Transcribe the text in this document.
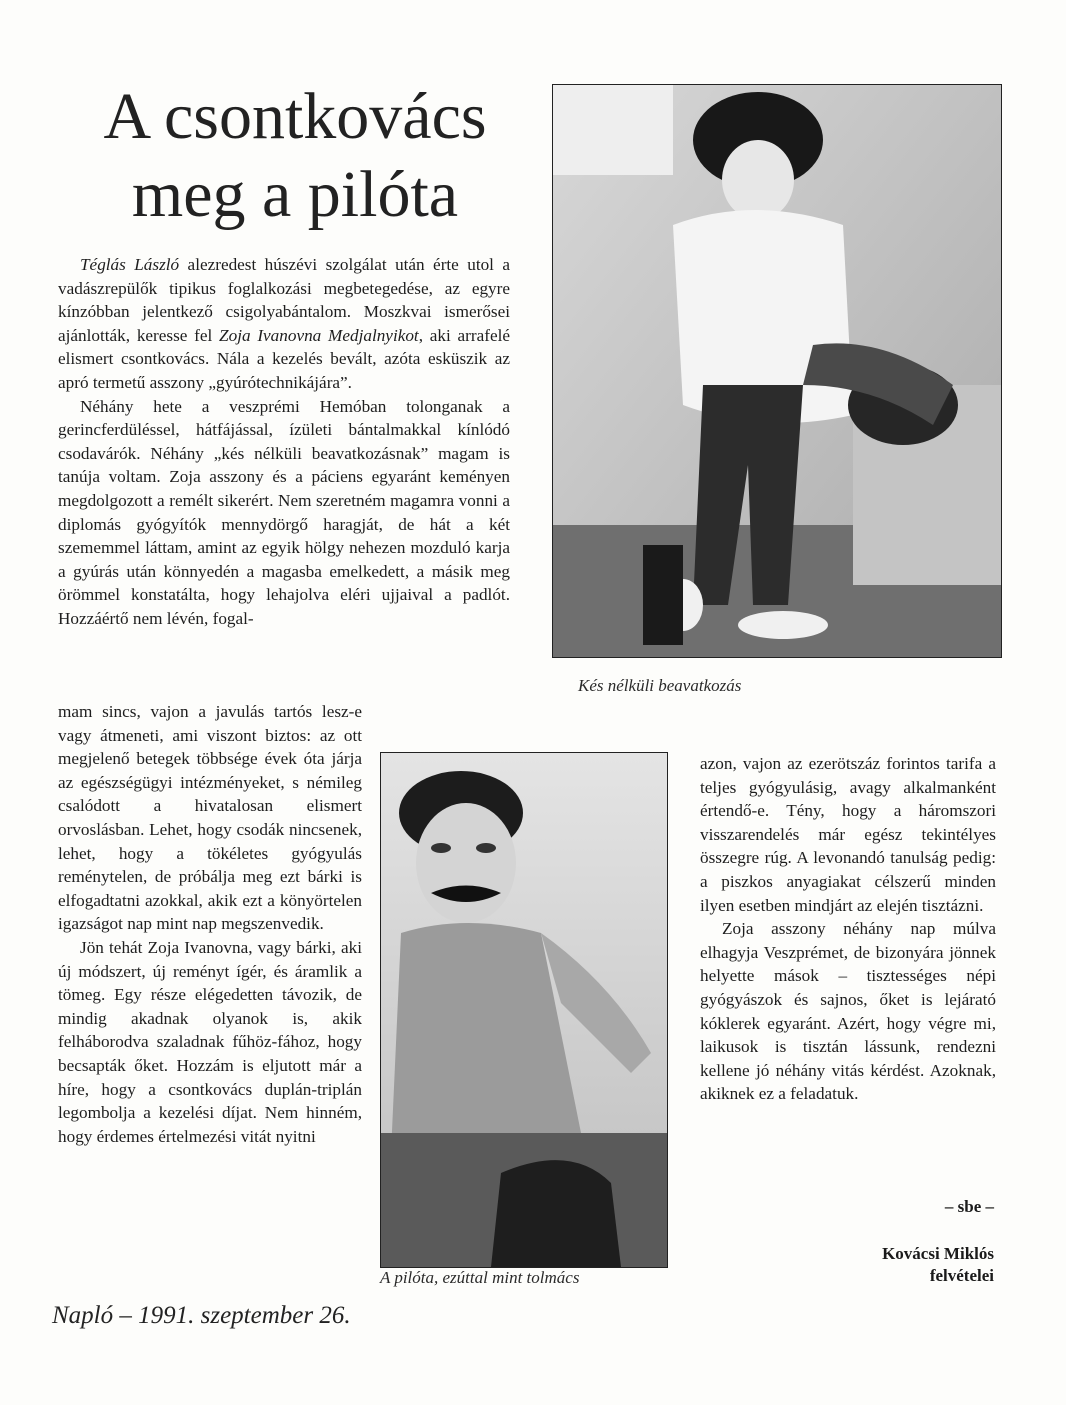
A csontkovács
meg a pilóta

Téglás László alezredest húszévi szolgálat után érte utol a vadászrepülők tipikus foglalkozási megbetegedése, az egyre kínzóbban jelentkező csigolyabántalom. Moszkvai ismerősei ajánlották, keresse fel Zoja Ivanovna Medjalnyikot, aki arrafelé elismert csontkovács. Nála a kezelés bevált, azóta esküszik az apró termetű asszony „gyúrótechnikájára”.

Néhány hete a veszprémi Hemóban tolonganak a gerincferdüléssel, hátfájással, ízületi bántalmakkal kínlódó csodavárók. Néhány „kés nélküli beavatkozásnak” magam is tanúja voltam. Zoja asszony és a páciens egyaránt keményen megdolgozott a remélt sikerért. Nem szeretném magamra vonni a diplomás gyógyítók mennydörgő haragját, de hát a két szememmel láttam, amint az egyik hölgy nehezen mozduló karja a gyúrás után könnyedén a magasba emelkedett, a másik meg örömmel konstatálta, hogy lehajolva eléri ujjaival a padlót. Hozzáértő nem lévén, fogal-

mam sincs, vajon a javulás tartós lesz-e vagy átmeneti, ami viszont biztos: az ott megjelenő betegek többsége évek óta járja az egészségügyi intézményeket, s némileg csalódott a hivatalosan elismert orvoslásban. Lehet, hogy csodák nincsenek, lehet, hogy a tökéletes gyógyulás reménytelen, de próbálja meg ezt bárki is elfogadtatni azokkal, akik ezt a könyörtelen igazságot nap mint nap megszenvedik.

Jön tehát Zoja Ivanovna, vagy bárki, aki új módszert, új reményt ígér, és áramlik a tömeg. Egy része elégedetten távozik, de mindig akadnak olyanok is, akik felháborodva szaladnak fűhöz-fához, hogy becsapták őket. Hozzám is eljutott már a híre, hogy a csontkovács duplán-triplán legombolja a kezelési díjat. Nem hinném, hogy érdemes értelmezési vitát nyitni

azon, vajon az ezerötszáz forintos tarifa a teljes gyógyulásig, avagy alkalmanként értendő-e. Tény, hogy a háromszori visszarendelés már egész tekintélyes összegre rúg. A levonandó tanulság pedig: a piszkos anyagiakat célszerű minden ilyen esetben mindjárt az elején tisztázni.

Zoja asszony néhány nap múlva elhagyja Veszprémet, de bizonyára jönnek helyette mások – tisztességes népi gyógyászok és sajnos, őket is lejárató kóklerek egyaránt. Azért, hogy végre mi, laikusok is tisztán lássunk, rendezni kellene jó néhány vitás kérdést. Azoknak, akiknek ez a feladatuk.

Kés nélküli beavatkozás
A pilóta, ezúttal mint tolmács
– sbe –
Kovácsi Miklós
felvételei
Napló – 1991. szeptember 26.
